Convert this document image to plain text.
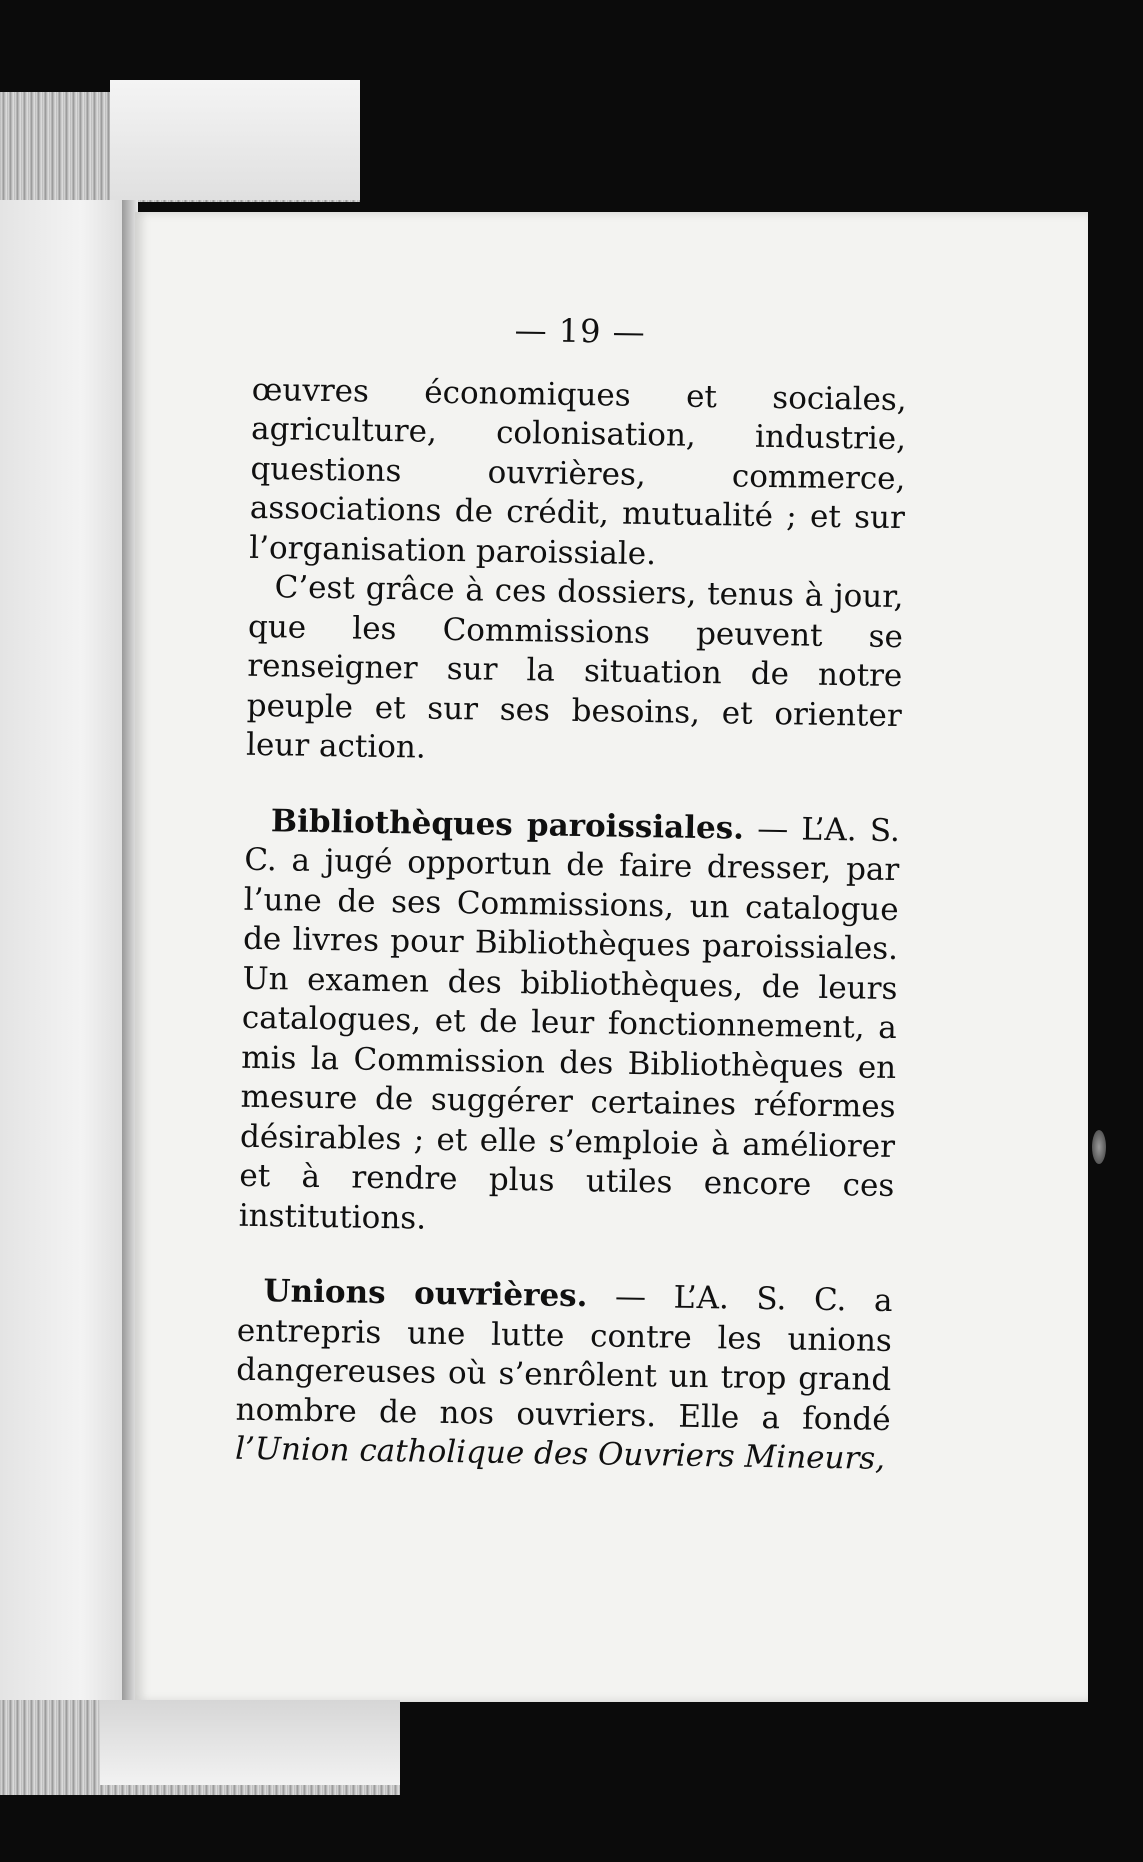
— 19 —

œuvres économiques et sociales, agriculture, colonisation, industrie, questions ouvrières, commerce, associations de crédit, mutualité ; et sur l’organisation paroissiale.

C’est grâce à ces dossiers, tenus à jour, que les Commissions peuvent se renseigner sur la situation de notre peuple et sur ses besoins, et orienter leur action.

Bibliothèques paroissiales. — L’A. S. C. a jugé opportun de faire dresser, par l’une de ses Commissions, un catalogue de livres pour Bibliothèques paroissiales. Un examen des bibliothèques, de leurs catalogues, et de leur fonctionnement, a mis la Commission des Bibliothèques en mesure de suggérer certaines réformes désirables ; et elle s’emploie à améliorer et à rendre plus utiles encore ces institutions.

Unions ouvrières. — L’A. S. C. a entrepris une lutte contre les unions dangereuses où s’enrôlent un trop grand nombre de nos ouvriers. Elle a fondé l’Union catholique des Ouvriers Mineurs,
